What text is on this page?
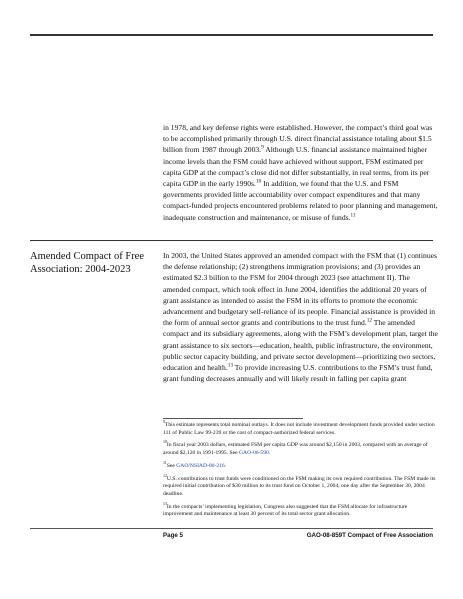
in 1978, and key defense rights were established. However, the compact’s third goal was to be accomplished primarily through U.S. direct financial assistance totaling about $1.5 billion from 1987 through 2003.$^9$ Although U.S. financial assistance maintained higher income levels than the FSM could have achieved without support, FSM estimated per capita GDP at the compact’s close did not differ substantially, in real terms, from its per capita GDP in the early 1990s.$^{10}$ In addition, we found that the U.S. and FSM governments provided little accountability over compact expenditures and that many compact-funded projects encountered problems related to poor planning and management, inadequate construction and maintenance, or misuse of funds.$^{11}$

Amended Compact of Free Association: 2004-2023

In 2003, the United States approved an amended compact with the FSM that (1) continues the defense relationship; (2) strengthens immigration provisions; and (3) provides an estimated $2.3 billion to the FSM for 2004 through 2023 (see attachment II). The amended compact, which took effect in June 2004, identifies the additional 20 years of grant assistance as intended to assist the FSM in its efforts to promote the economic advancement and budgetary self-reliance of its people. Financial assistance is provided in the form of annual sector grants and contributions to the trust fund.$^{12}$ The amended compact and its subsidiary agreements, along with the FSM’s development plan, target the grant assistance to six sectors—education, health, public infrastructure, the environment, public sector capacity building, and private sector development—prioritizing two sectors, education and health.$^{13}$ To provide increasing U.S. contributions to the FSM’s trust fund, grant funding decreases annually and will likely result in falling per capita grant

$^9$This estimate represents total nominal outlays. It does not include investment development funds provided under section 111 of Public Law 99-239 or the cost of compact-authorized federal services.
$^{10}$In fiscal year 2003 dollars, estimated FSM per capita GDP was around $2,150 in 2003, compared with an average of around $2,120 in 1991-1995. See GAO-06-590.
$^{11}$See GAO/NSIAD-00-216.
$^{12}$U.S. contributions to trust funds were conditioned on the FSM making its own required contribution. The FSM made its required initial contribution of $30 million to its trust fund on October 1, 2004, one day after the September 30, 2004 deadline.
$^{13}$In the compacts’ implementing legislation, Congress also suggested that the FSM allocate for infrastructure improvement and maintenance at least 30 percent of its total sector grant allocation.
Page 5	GAO-08-859T Compact of Free Association
